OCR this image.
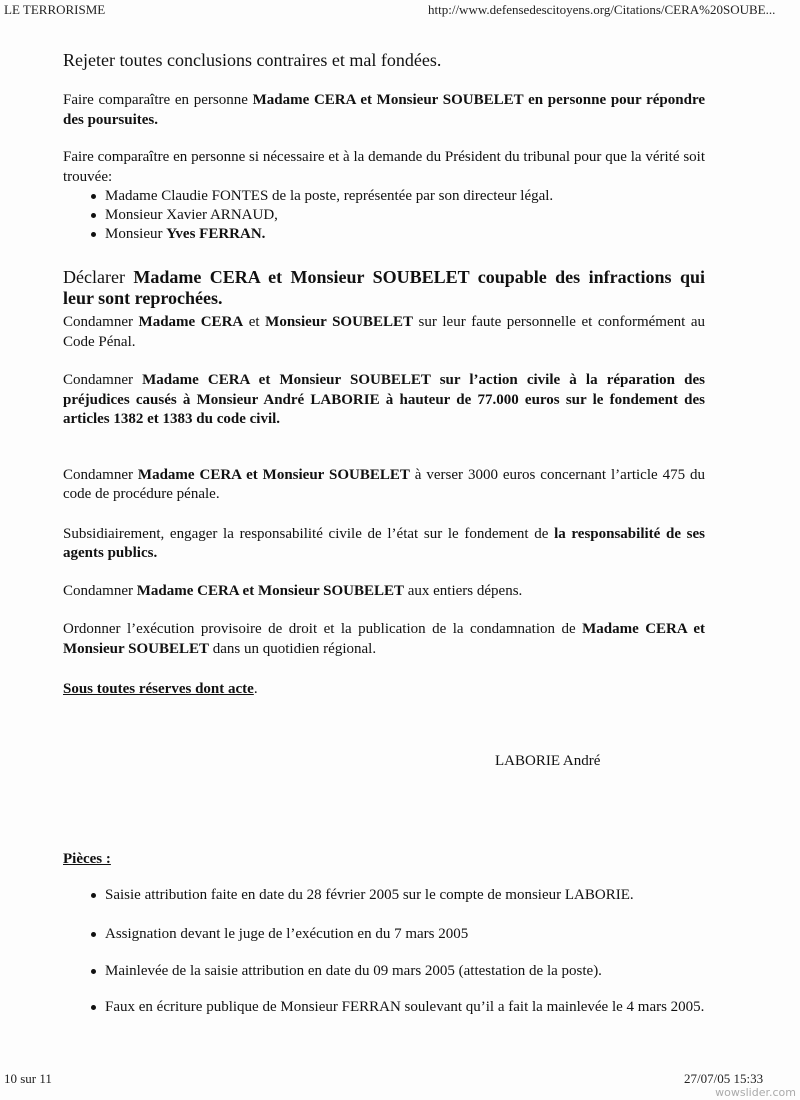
LE TERRORISME	http://www.defensedescitoyens.org/Citations/CERA%20SOUBE...
Rejeter toutes conclusions contraires et mal fondées.
Faire comparaître en personne Madame CERA et Monsieur SOUBELET en personne pour répondre des poursuites.
Faire comparaître en personne si nécessaire et à la demande du Président du tribunal pour que la vérité soit trouvée:
Madame Claudie FONTES de la poste, représentée par son directeur légal.
Monsieur Xavier ARNAUD,
Monsieur Yves FERRAN.
Déclarer Madame CERA et Monsieur SOUBELET coupable des infractions qui leur sont reprochées.
Condamner Madame CERA et Monsieur SOUBELET sur leur faute personnelle et conformément au Code Pénal.
Condamner Madame CERA et Monsieur SOUBELET sur l’action civile à la réparation des préjudices causés à Monsieur André LABORIE à hauteur de 77.000 euros sur le fondement des articles 1382 et 1383 du code civil.
Condamner Madame CERA et Monsieur SOUBELET à verser 3000 euros concernant l’article 475 du code de procédure pénale.
Subsidiairement, engager la responsabilité civile de l’état sur le fondement de la responsabilité de ses agents publics.
Condamner Madame CERA et Monsieur SOUBELET aux entiers dépens.
Ordonner l’exécution provisoire de droit et la publication de la condamnation de Madame CERA et Monsieur SOUBELET dans un quotidien régional.
Sous toutes réserves dont acte.
LABORIE André
Pièces :
Saisie attribution faite en date du 28 février 2005 sur le compte de monsieur LABORIE.
Assignation devant le juge de l’exécution en du 7 mars 2005
Mainlevée de la saisie attribution en date du 09 mars 2005 (attestation de la poste).
Faux en écriture publique de Monsieur FERRAN soulevant qu’il a fait la mainlevée le 4 mars 2005.
10 sur 11	27/07/05 15:33
wowslider.com
